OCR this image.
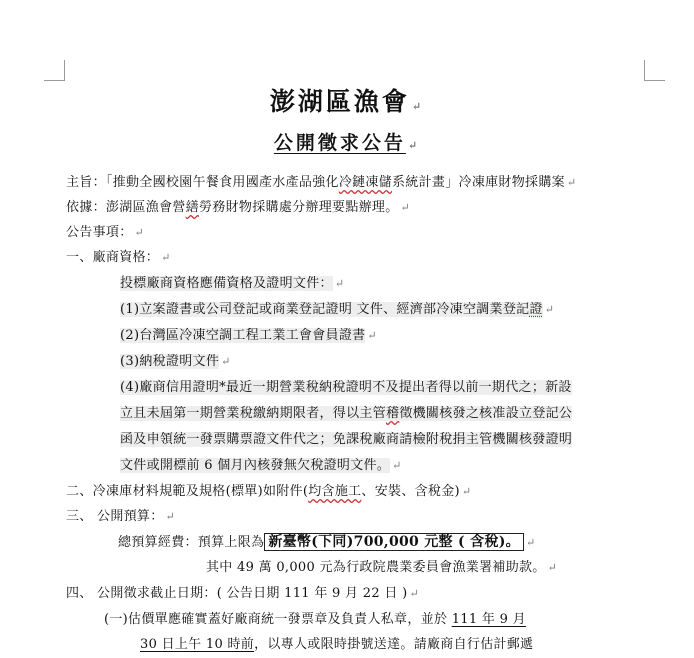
澎湖區漁會 ↵
公開徵求公告 ↵
主旨：「推動全國校園午餐食用國產水產品強化冷鏈凍儲系統計畫」冷凍庫財物採購案 ↵
依據：澎湖區漁會營繕勞務財物採購處分辦理要點辦理。 ↵
公告事項： ↵
一、廠商資格： ↵
投標廠商資格應備資格及證明文件： ↵
(1)立案證書或公司登記或商業登記證明 文件、經濟部冷凍空調業登記證 ↵
(2)台灣區冷凍空調工程工業工會會員證書 ↵
(3)納稅證明文件 ↵
(4)廠商信用證明*最近一期營業稅納稅證明不及提出者得以前一期代之；新設
立且未屆第一期營業稅繳納期限者，得以主管稽徵機關核發之核准設立登記公
函及申領統一發票購票證文件代之；免課稅廠商請檢附稅捐主管機關核發證明
文件或開標前 6 個月內核發無欠稅證明文件。 ↵
二、冷凍庫材料規範及規格(標單)如附件(均含施工、安裝、含稅金) ↵
三、 公開預算： ↵
總預算經費：預算上限為 新臺幣(下同)700,000 元整 ( 含稅)。 ↵
其中 49 萬 0,000 元為行政院農業委員會漁業署補助款。 ↵
四、 公開徵求截止日期：( 公告日期 111 年 9 月 22 日 ) ↵
(一)估價單應確實蓋好廠商統一發票章及負責人私章，並於 111 年 9 月
30 日上午 10 時前，以專人或限時掛號送達。請廠商自行估計郵遞
